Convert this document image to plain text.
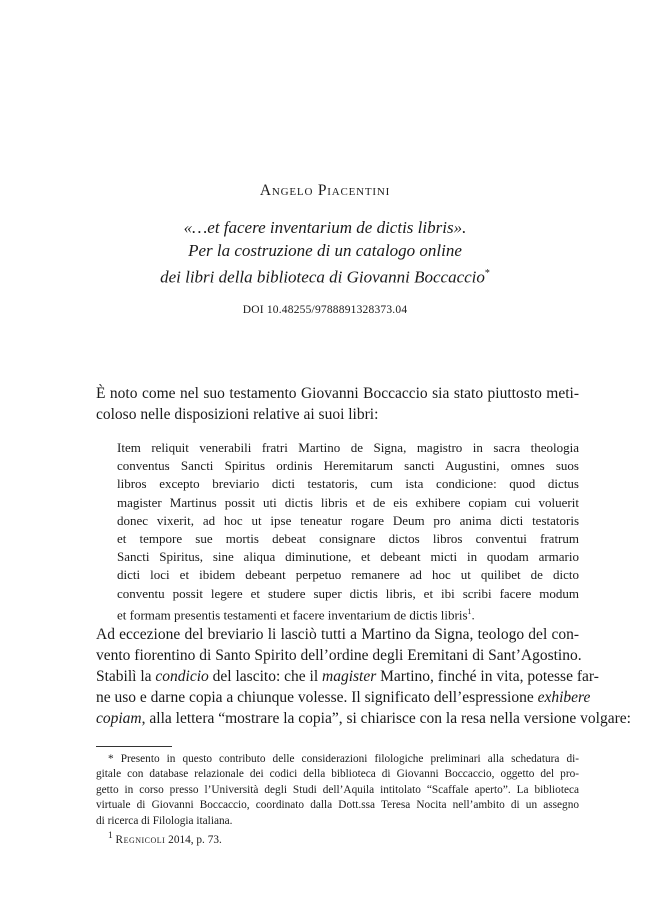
Angelo Piacentini
«…et facere inventarium de dictis libris».
Per la costruzione di un catalogo online
dei libri della biblioteca di Giovanni Boccaccio*
DOI 10.48255/9788891328373.04
È noto come nel suo testamento Giovanni Boccaccio sia stato piuttosto meti-
coloso nelle disposizioni relative ai suoi libri:
Item reliquit venerabili fratri Martino de Signa, magistro in sacra theologia
conventus Sancti Spiritus ordinis Heremitarum sancti Augustini, omnes suos
libros excepto breviario dicti testatoris, cum ista condicione: quod dictus
magister Martinus possit uti dictis libris et de eis exhibere copiam cui voluerit
donec vixerit, ad hoc ut ipse teneatur rogare Deum pro anima dicti testatoris
et tempore sue mortis debeat consignare dictos libros conventui fratrum
Sancti Spiritus, sine aliqua diminutione, et debeant micti in quodam armario
dicti loci et ibidem debeant perpetuo remanere ad hoc ut quilibet de dicto
conventu possit legere et studere super dictis libris, et ibi scribi facere modum
et formam presentis testamenti et facere inventarium de dictis libris$^1$.
Ad eccezione del breviario li lasciò tutti a Martino da Signa, teologo del con-
vento fiorentino di Santo Spirito dell’ordine degli Eremitani di Sant’Agostino.
Stabilì la condicio del lascito: che il magister Martino, finché in vita, potesse far-
ne uso e darne copia a chiunque volesse. Il significato dell’espressione exhibere
copiam, alla lettera “mostrare la copia”, si chiarisce con la resa nella versione volgare:
* Presento in questo contributo delle considerazioni filologiche preliminari alla schedatura di-
gitale con database relazionale dei codici della biblioteca di Giovanni Boccaccio, oggetto del pro-
getto in corso presso l’Università degli Studi dell’Aquila intitolato “Scaffale aperto”. La biblioteca
virtuale di Giovanni Boccaccio, coordinato dalla Dott.ssa Teresa Nocita nell’ambito di un assegno
di ricerca di Filologia italiana.
$^1$ Regnicoli 2014, p. 73.
